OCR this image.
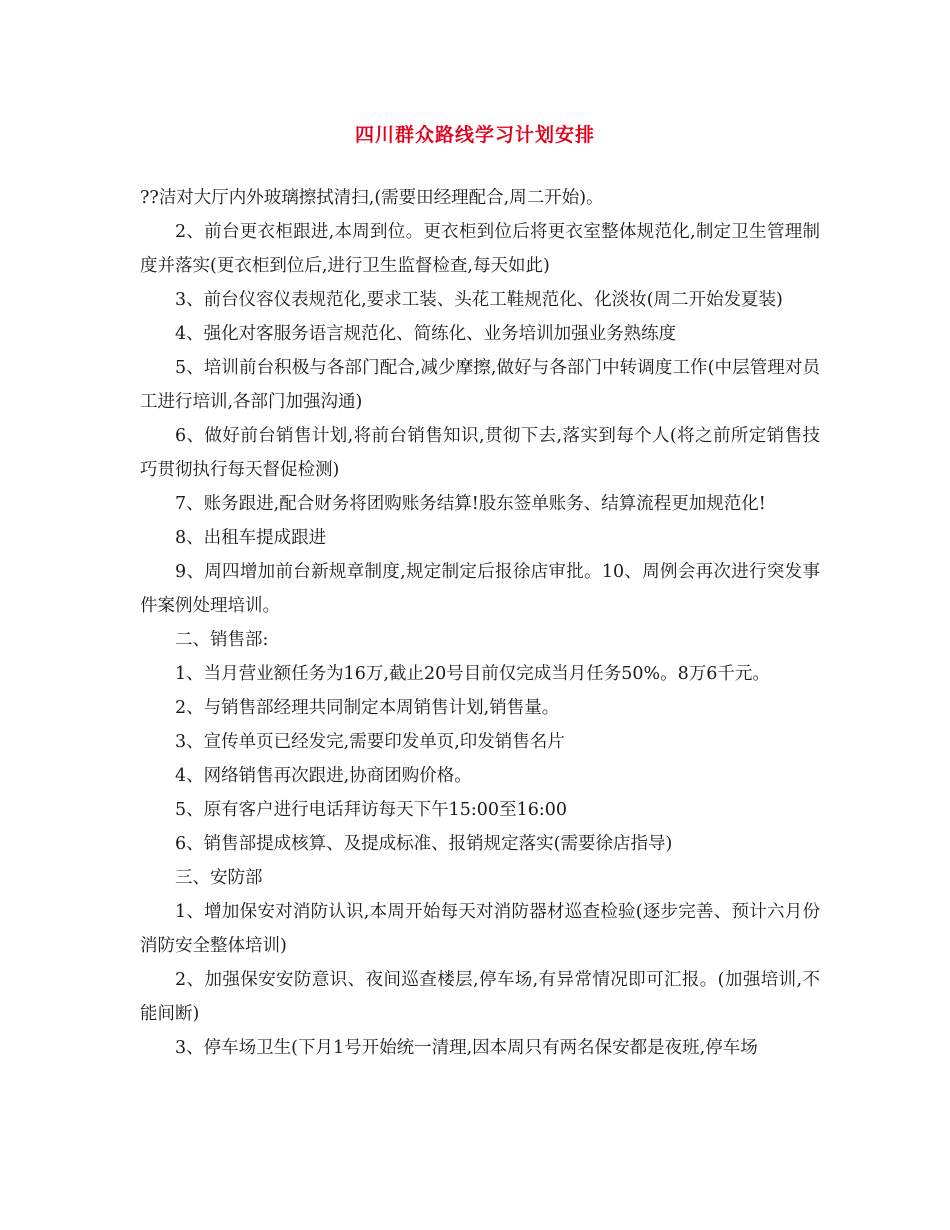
四川群众路线学习计划安排

??洁对大厅内外玻璃擦拭清扫,(需要田经理配合,周二开始)。

2、前台更衣柜跟进,本周到位。更衣柜到位后将更衣室整体规范化,制定卫生管理制度并落实(更衣柜到位后,进行卫生监督检查,每天如此)

3、前台仪容仪表规范化,要求工装、头花工鞋规范化、化淡妆(周二开始发夏装)

4、强化对客服务语言规范化、简练化、业务培训加强业务熟练度

5、培训前台积极与各部门配合,减少摩擦,做好与各部门中转调度工作(中层管理对员工进行培训,各部门加强沟通)

6、做好前台销售计划,将前台销售知识,贯彻下去,落实到每个人(将之前所定销售技巧贯彻执行每天督促检测)

7、账务跟进,配合财务将团购账务结算!股东签单账务、结算流程更加规范化!

8、出租车提成跟进

9、周四增加前台新规章制度,规定制定后报徐店审批。10、周例会再次进行突发事件案例处理培训。

二、销售部:

1、当月营业额任务为16万,截止20号目前仅完成当月任务50%。8万6千元。

2、与销售部经理共同制定本周销售计划,销售量。

3、宣传单页已经发完,需要印发单页,印发销售名片

4、网络销售再次跟进,协商团购价格。

5、原有客户进行电话拜访每天下午15:00至16:00

6、销售部提成核算、及提成标准、报销规定落实(需要徐店指导)

三、安防部

1、增加保安对消防认识,本周开始每天对消防器材巡查检验(逐步完善、预计六月份消防安全整体培训)

2、加强保安安防意识、夜间巡查楼层,停车场,有异常情况即可汇报。(加强培训,不能间断)

3、停车场卫生(下月1号开始统一清理,因本周只有两名保安都是夜班,停车场
